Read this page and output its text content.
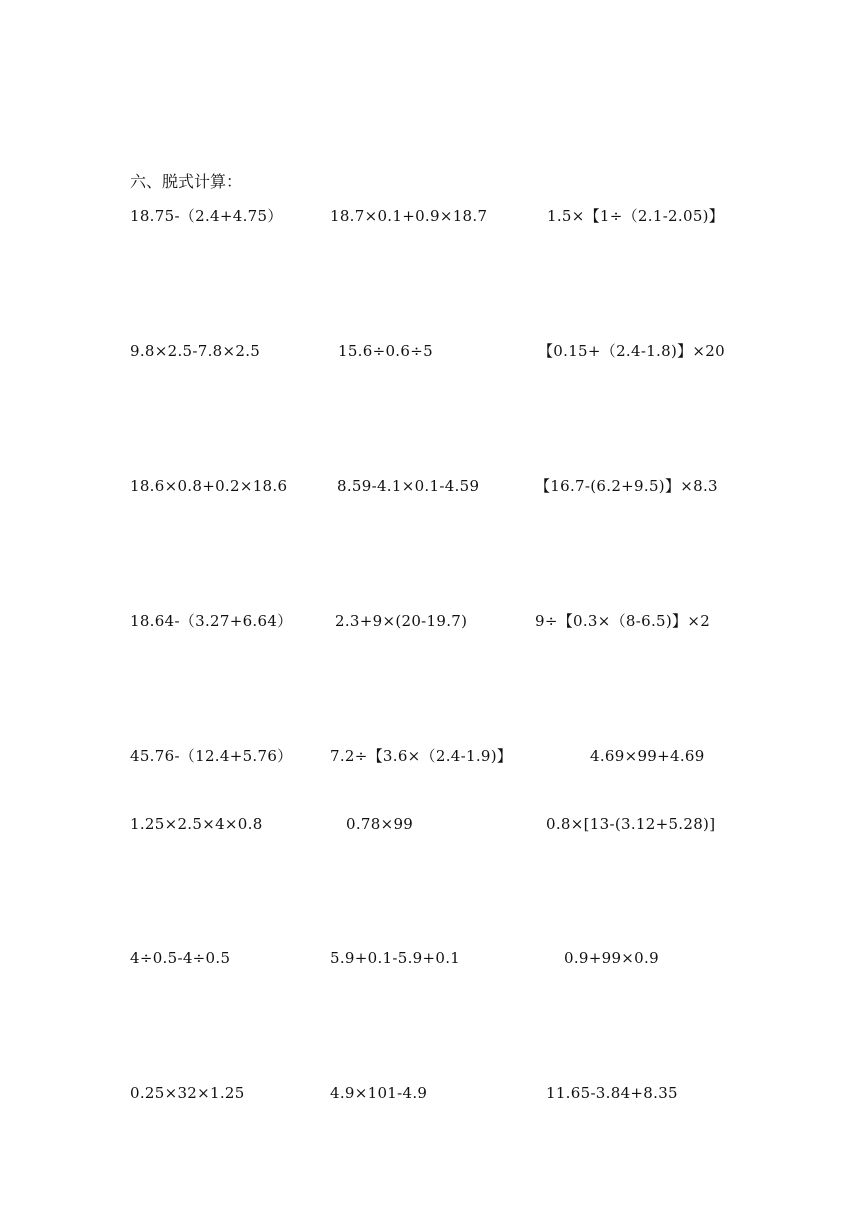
六、脱式计算：
18.75-（2.4+4.75）	18.7×0.1+0.9×18.7	1.5×【1÷（2.1-2.05)】
9.8×2.5-7.8×2.5	15.6÷0.6÷5	【0.15+（2.4-1.8)】×20
18.6×0.8+0.2×18.6	8.59-4.1×0.1-4.59	【16.7-(6.2+9.5)】×8.3
18.64-（3.27+6.64）	2.3+9×(20-19.7)	9÷【0.3×（8-6.5)】×2
45.76-（12.4+5.76）	7.2÷【3.6×（2.4-1.9)】	4.69×99+4.69
1.25×2.5×4×0.8	0.78×99	0.8×[13-(3.12+5.28)]
4÷0.5-4÷0.5	5.9+0.1-5.9+0.1	0.9+99×0.9
0.25×32×1.25	4.9×101-4.9	11.65-3.84+8.35
